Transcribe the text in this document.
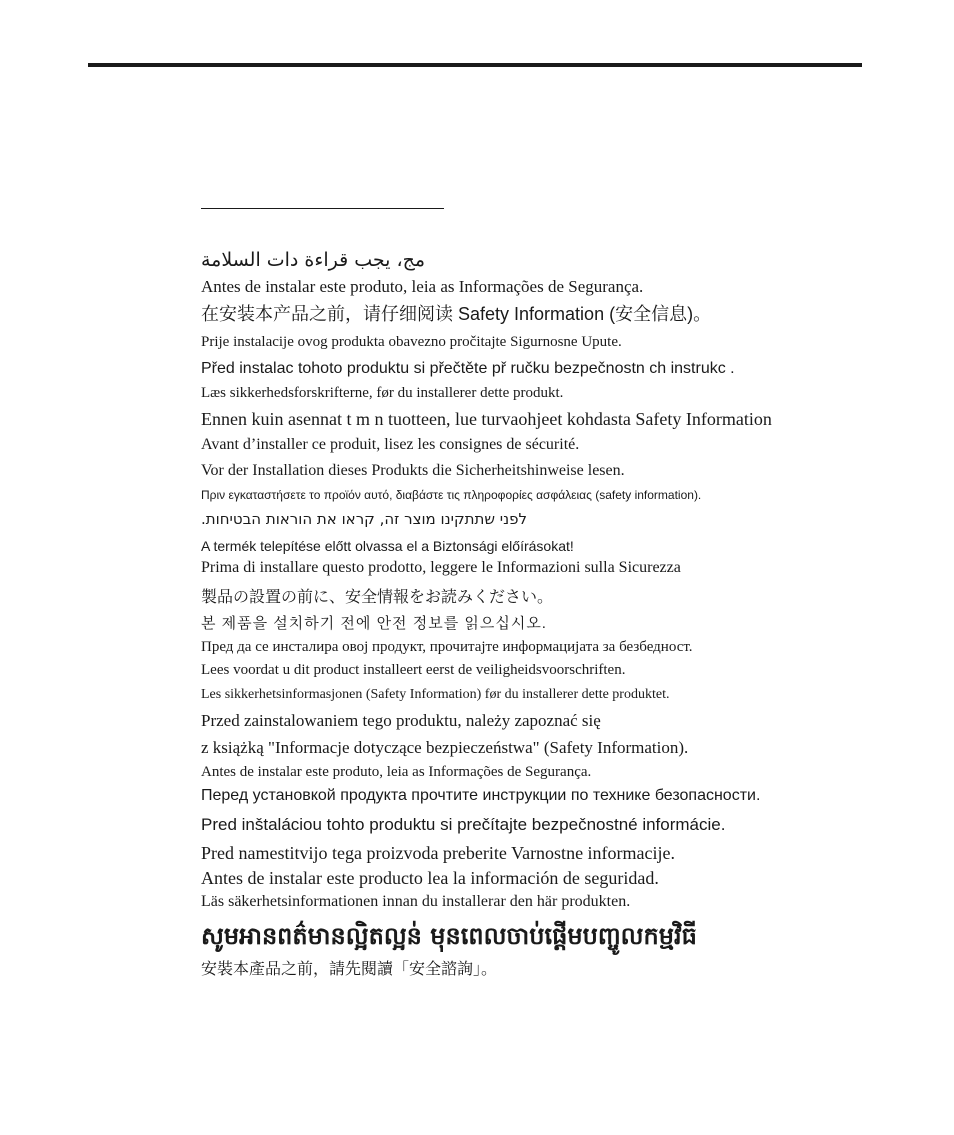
مج، يجب قراءة دات السلامة
Antes de instalar este produto, leia as Informações de Segurança.
在安装本产品之前，请仔细阅读 Safety Information (安全信息)。
Prije instalacije ovog produkta obavezno pročitajte Sigurnosne Upute.
Před instalac tohoto produktu si přečtěte př ručku bezpečnostn ch instrukc .
Læs sikkerhedsforskrifterne, før du installerer dette produkt.
Ennen kuin asennat t m n tuotteen, lue turvaohjeet kohdasta Safety Information
Avant d’installer ce produit, lisez les consignes de sécurité.
Vor der Installation dieses Produkts die Sicherheitshinweise lesen.
Πριν εγκαταστήσετε το προϊόν αυτό, διαβάστε τις πληροφορίες ασφάλειας (safety information).
לפני שתתקינו מוצר זה, קראו את הוראות הבטיחות.
A termék telepítése előtt olvassa el a Biztonsági előírásokat!
Prima di installare questo prodotto, leggere le Informazioni sulla Sicurezza
製品の設置の前に、安全情報をお読みください。
본 제품을 설치하기 전에 안전 정보를 읽으십시오.
Пред да се инсталира овој продукт, прочитајте информацијата за безбедност.
Lees voordat u dit product installeert eerst de veiligheidsvoorschriften.
Les sikkerhetsinformasjonen (Safety Information) før du installerer dette produktet.
Przed zainstalowaniem tego produktu, należy zapoznać się
z książką "Informacje dotyczące bezpieczeństwa" (Safety Information).
Antes de instalar este produto, leia as Informações de Segurança.
Перед установкой продукта прочтите инструкции по технике безопасности.
Pred inštaláciou tohto produktu si prečítajte bezpečnostné informácie.
Pred namestitvijo tega proizvoda preberite Varnostne informacije.
Antes de instalar este producto lea la información de seguridad.
Läs säkerhetsinformationen innan du installerar den här produkten.
សូមអានពត៌មានល្អិតល្អន់ មុនពេលចាប់ផ្តើមបញ្ចូលកម្មវិធី
安裝本產品之前，請先閱讀「安全諮詢」。
